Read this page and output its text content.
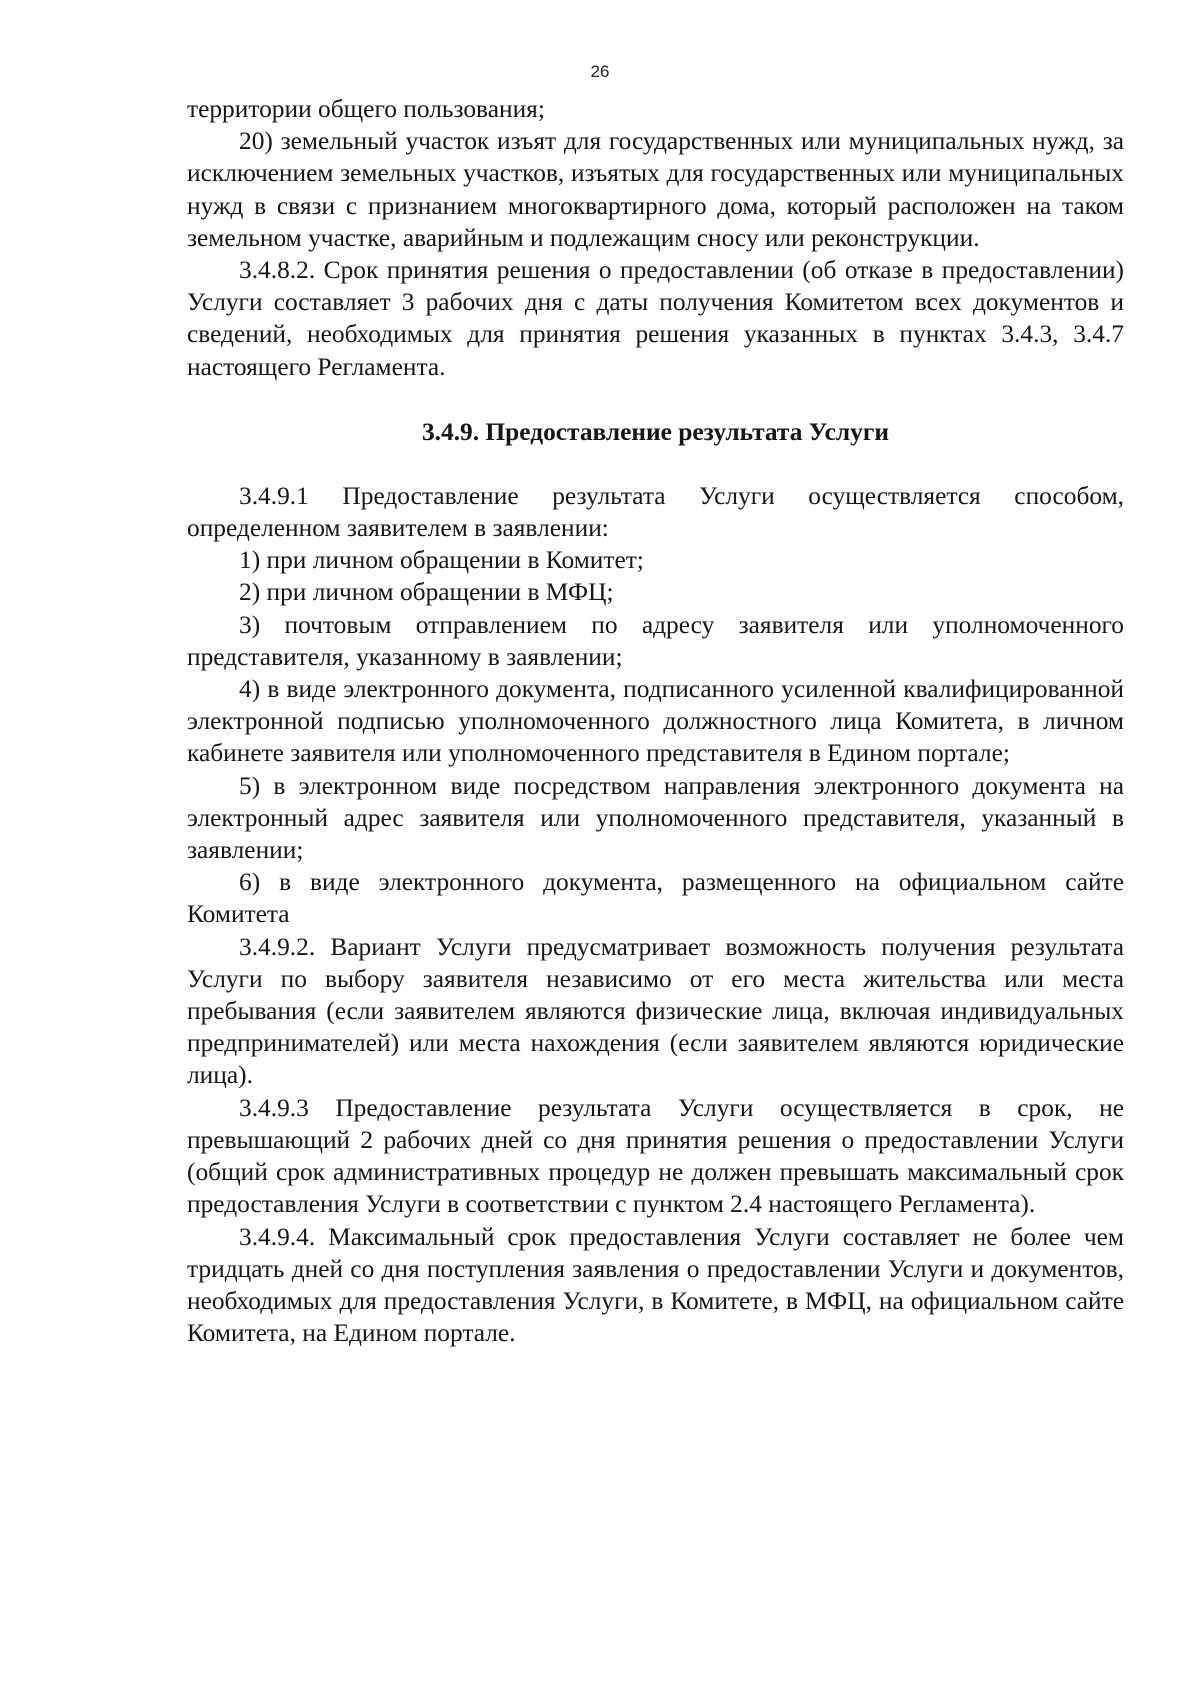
26

территории общего пользования;

20) земельный участок изъят для государственных или муниципальных нужд, за исключением земельных участков, изъятых для государственных или муниципальных нужд в связи с признанием многоквартирного дома, который расположен на таком земельном участке, аварийным и подлежащим сносу или реконструкции.

3.4.8.2. Срок принятия решения о предоставлении (об отказе в предоставлении) Услуги составляет 3 рабочих дня с даты получения Комитетом всех документов и сведений, необходимых для принятия решения указанных в пунктах 3.4.3, 3.4.7 настоящего Регламента.

3.4.9. Предоставление результата Услуги

3.4.9.1 Предоставление результата Услуги осуществляется способом, определенном заявителем в заявлении:

1) при личном обращении в Комитет;

2) при личном обращении в МФЦ;

3) почтовым отправлением по адресу заявителя или уполномоченного представителя, указанному в заявлении;

4) в виде электронного документа, подписанного усиленной квалифицированной электронной подписью уполномоченного должностного лица Комитета, в личном кабинете заявителя или уполномоченного представителя в Едином портале;

5) в электронном виде посредством направления электронного документа на электронный адрес заявителя или уполномоченного представителя, указанный в заявлении;

6) в виде электронного документа, размещенного на официальном сайте Комитета

3.4.9.2. Вариант Услуги предусматривает возможность получения результата Услуги по выбору заявителя независимо от его места жительства или места пребывания (если заявителем являются физические лица, включая индивидуальных предпринимателей) или места нахождения (если заявителем являются юридические лица).

3.4.9.3 Предоставление результата Услуги осуществляется в срок, не превышающий 2 рабочих дней со дня принятия решения о предоставлении Услуги (общий срок административных процедур не должен превышать максимальный срок предоставления Услуги в соответствии с пунктом 2.4 настоящего Регламента).

3.4.9.4. Максимальный срок предоставления Услуги составляет не более чем тридцать дней со дня поступления заявления о предоставлении Услуги и документов, необходимых для предоставления Услуги, в Комитете, в МФЦ, на официальном сайте Комитета, на Едином портале.
